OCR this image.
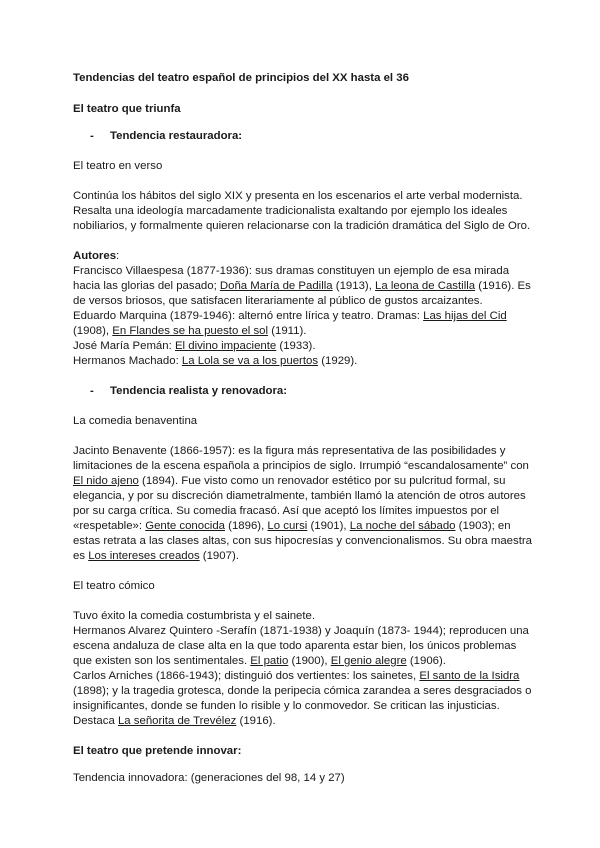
Tendencias del teatro español de principios del XX hasta el 36

El teatro que triunfa

-	Tendencia restauradora:

El teatro en verso

Continúa los hábitos del siglo XIX y presenta en los escenarios el arte verbal modernista. Resalta una ideología marcadamente tradicionalista exaltando por ejemplo los ideales nobiliarios, y formalmente quieren relacionarse con la tradición dramática del Siglo de Oro.

Autores:

Francisco Villaespesa (1877-1936): sus dramas constituyen un ejemplo de esa mirada hacia las glorias del pasado; Doña María de Padilla (1913), La leona de Castilla (1916). Es de versos briosos, que satisfacen literariamente al público de gustos arcaizantes.

Eduardo Marquina (1879-1946): alternó entre lírica y teatro. Dramas: Las hijas del Cid (1908), En Flandes se ha puesto el sol (1911).

José María Pemán: El divino impaciente (1933).

Hermanos Machado: La Lola se va a los puertos (1929).

-	Tendencia realista y renovadora:

La comedia benaventina

Jacinto Benavente (1866-1957): es la figura más representativa de las posibilidades y limitaciones de la escena española a principios de siglo. Irrumpió “escandalosamente” con El nido ajeno (1894). Fue visto como un renovador estético por su pulcritud formal, su elegancia, y por su discreción diametralmente, también llamó la atención de otros autores por su carga crítica. Su comedia fracasó. Así que aceptó los límites impuestos por el «respetable»: Gente conocida (1896), Lo cursi (1901), La noche del sábado (1903); en estas retrata a las clases altas, con sus hipocresías y convencionalismos. Su obra maestra es Los intereses creados (1907).

El teatro cómico

Tuvo éxito la comedia costumbrista y el sainete.

Hermanos Alvarez Quintero -Serafín (1871-1938) y Joaquín (1873- 1944); reproducen una escena andaluza de clase alta en la que todo aparenta estar bien, los únicos problemas que existen son los sentimentales. El patio (1900), El genio alegre (1906).

Carlos Arniches (1866-1943); distinguió dos vertientes: los sainetes, El santo de la Isidra (1898); y la tragedia grotesca, donde la peripecia cómica zarandea a seres desgraciados o insignificantes, donde se funden lo risible y lo conmovedor. Se critican las injusticias. Destaca La señorita de Trevélez (1916).

El teatro que pretende innovar:

Tendencia innovadora: (generaciones del 98, 14 y 27)
